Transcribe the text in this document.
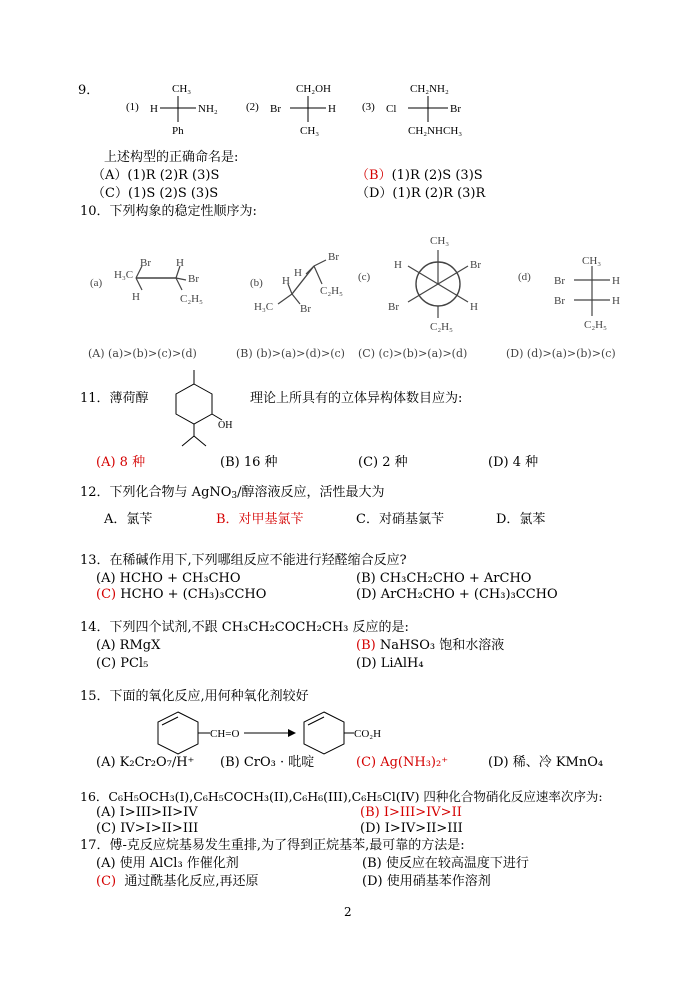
9．
(1)
CH₃
H	NH₂
Ph
(2)
CH₂OH
Br	H
CH₃
(3)
CH₂NH₂
Cl	Br
CH₂NHCH₃
上述构型的正确命名是:
（A）(1)R (2)R (3)S	（B）(1)R (2)S (3)S
（C）(1)S (2)S (3)S	（D）(1)R (2)R (3)R
10．下列构象的稳定性顺序为:
(a)
H₃C
Br
H
H
Br
C₂H₅
(b)
Br
H
H
C₂H₅
H₃C Br
(c)
CH₃
H	Br
Br	H
C₂H₅
(d)
CH₃
Br	H
Br	H
C₂H₅
(A) (a)>(b)>(c)>(d)	(B) (b)>(a)>(d)>(c) (C) (c)>(b)>(a)>(d)	(D) (d)>(a)>(b)>(c)
11．薄荷醇
OH
理论上所具有的立体异构体数目应为:
(A) 8 种	(B) 16 种	(C) 2 种	(D) 4 种
12．下列化合物与 AgNO$_3$/醇溶液反应，活性最大为
A．氯苄	B．对甲基氯苄	C．对硝基氯苄	D．氯苯
13．在稀碱作用下,下列哪组反应不能进行羟醛缩合反应?
(A) HCHO + CH₃CHO	(B) CH₃CH₂CHO + ArCHO
(C) HCHO + (CH₃)₃CCHO	(D) ArCH₂CHO + (CH₃)₃CCHO
14．下列四个试剂,不跟 CH₃CH₂COCH₂CH₃ 反应的是:
(A) RMgX	(B) NaHSO₃ 饱和水溶液
(C) PCl₅	(D) LiAlH₄
15．下面的氧化反应,用何种氧化剂较好
CH=O	CO₂H
(A) K₂Cr₂O₇/H⁺ (B) CrO₃ · 吡啶	(C) Ag(NH₃)₂⁺	(D) 稀、冷 KMnO₄
16．C₆H₅OCH₃(I),C₆H₅COCH₃(II),C₆H₆(III),C₆H₅Cl(IV) 四种化合物硝化反应速率次序为:
(A) I>III>II>IV	(B) I>III>IV>II
(C) IV>I>II>III	(D) I>IV>II>III
17．傅-克反应烷基易发生重排,为了得到正烷基苯,最可靠的方法是:
(A) 使用 AlCl₃ 作催化剂	(B) 使反应在较高温度下进行
(C) 通过酰基化反应,再还原	(D) 使用硝基苯作溶剂
2
